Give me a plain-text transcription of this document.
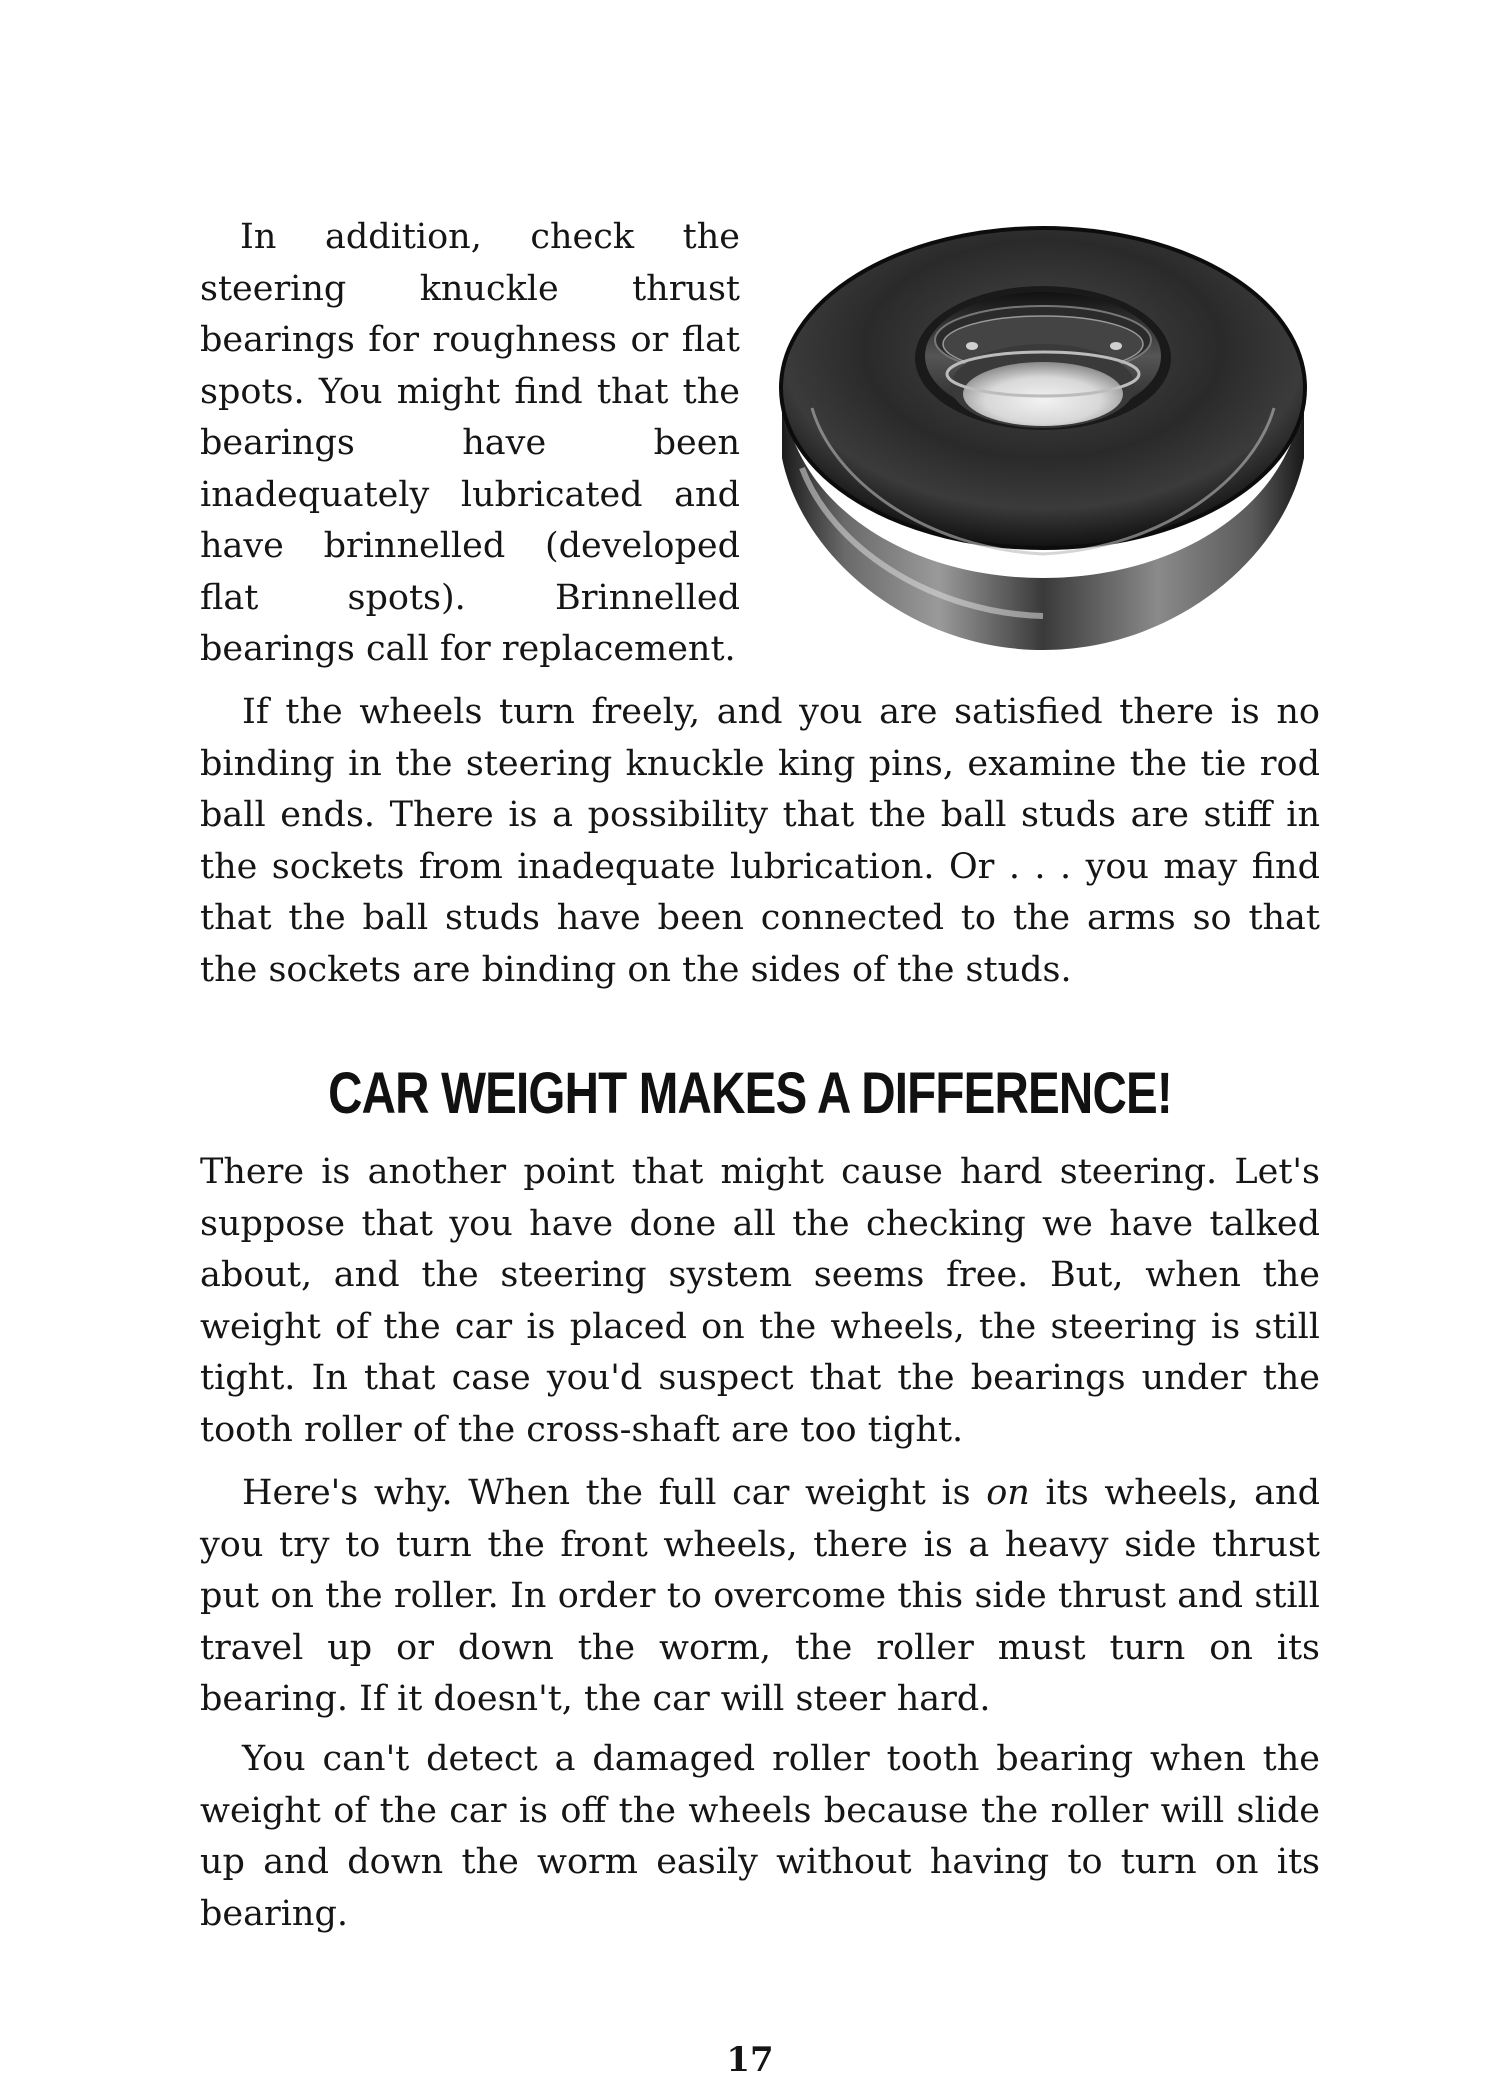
In addition, check the steering knuckle thrust bearings for roughness or flat spots. You might find that the bearings have been inadequately lubricated and have brinnelled (developed flat spots). Brinnelled bearings call for replacement.

If the wheels turn freely, and you are satisfied there is no binding in the steering knuckle king pins, examine the tie rod ball ends. There is a possibility that the ball studs are stiff in the sockets from inadequate lubrication. Or . . . you may find that the ball studs have been connected to the arms so that the sockets are binding on the sides of the studs.

CAR WEIGHT MAKES A DIFFERENCE!

There is another point that might cause hard steering. Let's suppose that you have done all the checking we have talked about, and the steering system seems free. But, when the weight of the car is placed on the wheels, the steering is still tight. In that case you'd suspect that the bearings under the tooth roller of the cross-shaft are too tight.

Here's why. When the full car weight is on its wheels, and you try to turn the front wheels, there is a heavy side thrust put on the roller. In order to overcome this side thrust and still travel up or down the worm, the roller must turn on its bearing. If it doesn't, the car will steer hard.

You can't detect a damaged roller tooth bearing when the weight of the car is off the wheels because the roller will slide up and down the worm easily without having to turn on its bearing.

17
